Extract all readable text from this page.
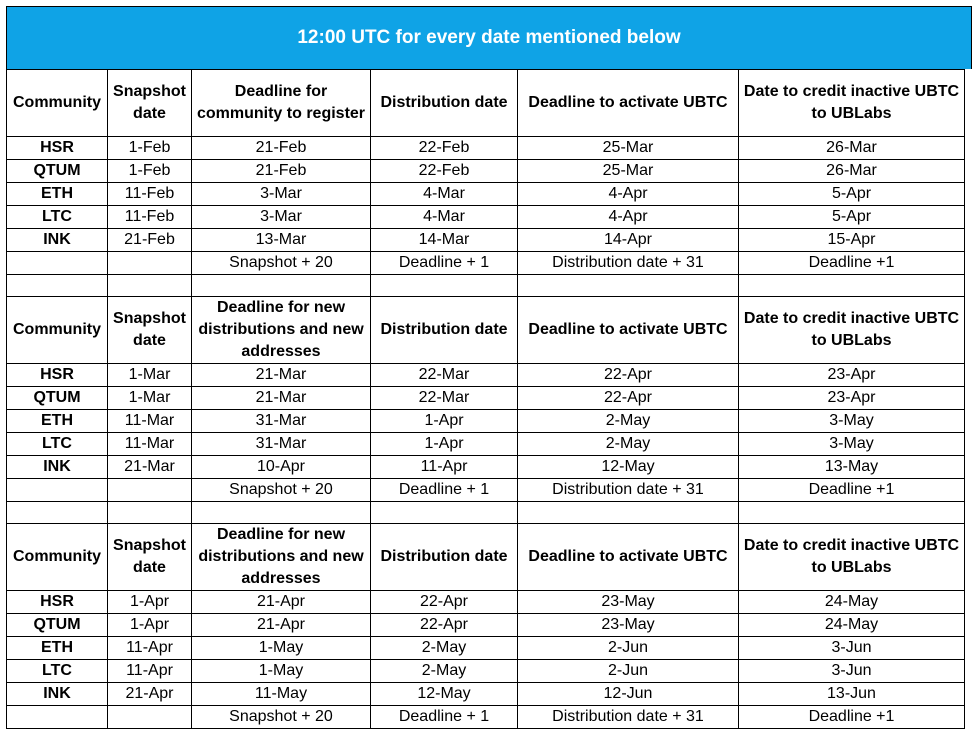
12:00 UTC for every date mentioned below
Community	Snapshot date	Deadline for community to register	Distribution date	Deadline to activate UBTC	Date to credit inactive UBTC to UBLabs
HSR	1-Feb	21-Feb	22-Feb	25-Mar	26-Mar
QTUM	1-Feb	21-Feb	22-Feb	25-Mar	26-Mar
ETH	11-Feb	3-Mar	4-Mar	4-Apr	5-Apr
LTC	11-Feb	3-Mar	4-Mar	4-Apr	5-Apr
INK	21-Feb	13-Mar	14-Mar	14-Apr	15-Apr
		Snapshot + 20	Deadline + 1	Distribution date + 31	Deadline +1

Community	Snapshot date	Deadline for new distributions and new addresses	Distribution date	Deadline to activate UBTC	Date to credit inactive UBTC to UBLabs
HSR	1-Mar	21-Mar	22-Mar	22-Apr	23-Apr
QTUM	1-Mar	21-Mar	22-Mar	22-Apr	23-Apr
ETH	11-Mar	31-Mar	1-Apr	2-May	3-May
LTC	11-Mar	31-Mar	1-Apr	2-May	3-May
INK	21-Mar	10-Apr	11-Apr	12-May	13-May
		Snapshot + 20	Deadline + 1	Distribution date + 31	Deadline +1

Community	Snapshot date	Deadline for new distributions and new addresses	Distribution date	Deadline to activate UBTC	Date to credit inactive UBTC to UBLabs
HSR	1-Apr	21-Apr	22-Apr	23-May	24-May
QTUM	1-Apr	21-Apr	22-Apr	23-May	24-May
ETH	11-Apr	1-May	2-May	2-Jun	3-Jun
LTC	11-Apr	1-May	2-May	2-Jun	3-Jun
INK	21-Apr	11-May	12-May	12-Jun	13-Jun
		Snapshot + 20	Deadline + 1	Distribution date + 31	Deadline +1
